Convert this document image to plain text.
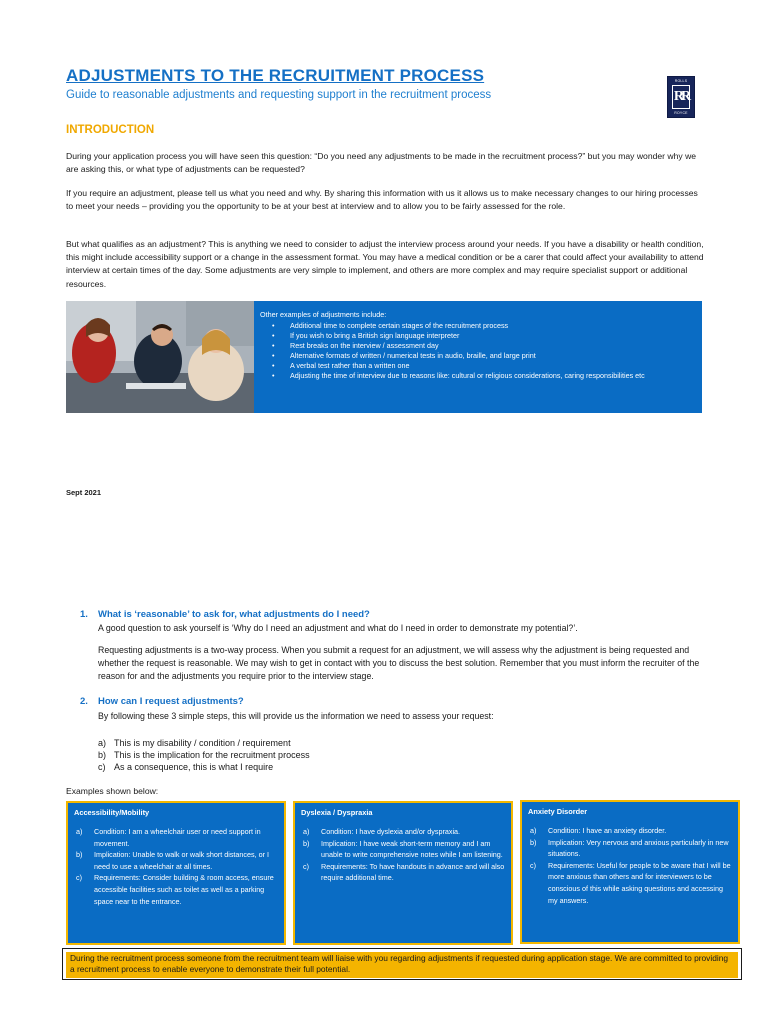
ADJUSTMENTS TO THE RECRUITMENT PROCESS
Guide to reasonable adjustments and requesting support in the recruitment process
ROLLS
RR
ROYCE
INTRODUCTION
During your application process you will have seen this question: “Do you need any adjustments to be made in the recruitment process?” but you may wonder why we are asking this, or what type of adjustments can be requested?
If you require an adjustment, please tell us what you need and why. By sharing this information with us it allows us to make necessary changes to our hiring processes to meet your needs – providing you the opportunity to be at your best at interview and to allow you to be fairly assessed for the role.
But what qualifies as an adjustment? This is anything we need to consider to adjust the interview process around your needs. If you have a disability or health condition, this might include accessibility support or a change in the assessment format. You may have a medical condition or be a carer that could affect your availability to attend interview at certain times of the day. Some adjustments are very simple to implement, and others are more complex and may require specialist support or additional resources.
Other examples of adjustments include:
• Additional time to complete certain stages of the recruitment process
• If you wish to bring a British sign language interpreter
• Rest breaks on the interview / assessment day
• Alternative formats of written / numerical tests in audio, braille, and large print
• A verbal test rather than a written one
• Adjusting the time of interview due to reasons like: cultural or religious considerations, caring responsibilities etc
Sept 2021
1. What is ‘reasonable’ to ask for, what adjustments do I need?
A good question to ask yourself is ‘Why do I need an adjustment and what do I need in order to demonstrate my potential?’.
Requesting adjustments is a two-way process. When you submit a request for an adjustment, we will assess why the adjustment is being requested and whether the request is reasonable. We may wish to get in contact with you to discuss the best solution. Remember that you must inform the recruiter of the reason for and the adjustments you require prior to the interview stage.
2. How can I request adjustments?
By following these 3 simple steps, this will provide us the information we need to assess your request:
a) This is my disability / condition / requirement
b) This is the implication for the recruitment process
c) As a consequence, this is what I require
Examples shown below:
Accessibility/Mobility
a) Condition: I am a wheelchair user or need support in movement.
b) Implication: Unable to walk or walk short distances, or I need to use a wheelchair at all times.
c) Requirements: Consider building & room access, ensure accessible facilities such as toilet as well as a parking space near to the entrance.
Dyslexia / Dyspraxia
a) Condition: I have dyslexia and/or dyspraxia.
b) Implication: I have weak short-term memory and I am unable to write comprehensive notes while I am listening.
c) Requirements: To have handouts in advance and will also require additional time.
Anxiety Disorder
a) Condition: I have an anxiety disorder.
b) Implication: Very nervous and anxious particularly in new situations.
c) Requirements: Useful for people to be aware that I will be more anxious than others and for interviewers to be conscious of this while asking questions and accessing my answers.
During the recruitment process someone from the recruitment team will liaise with you regarding adjustments if requested during application stage. We are committed to providing a recruitment process to enable everyone to demonstrate their full potential.
